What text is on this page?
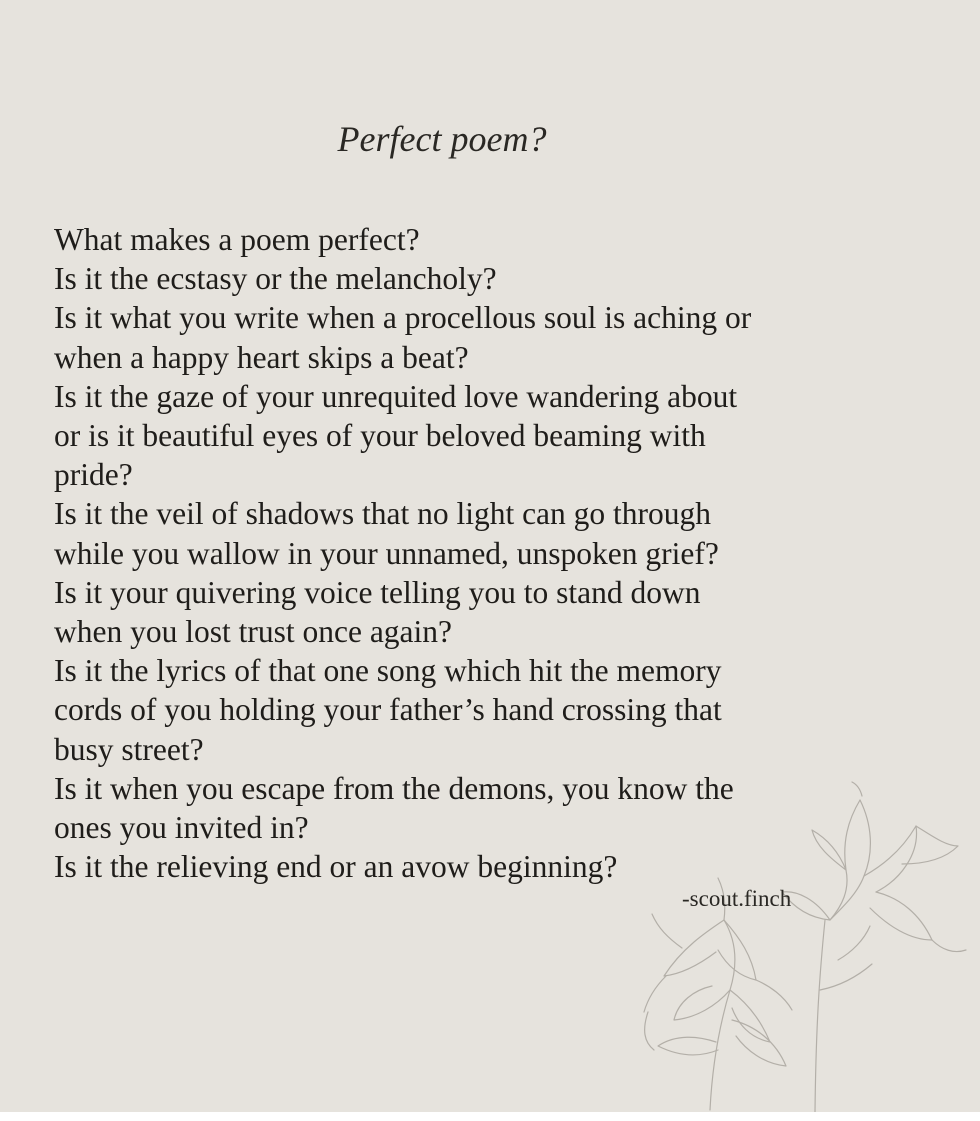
Perfect poem?
What makes a poem perfect?
Is it the ecstasy or the melancholy?
Is it what you write when a procellous soul is aching or
when a happy heart skips a beat?
Is it the gaze of your unrequited love wandering about
or is it beautiful eyes of your beloved beaming with
pride?
Is it the veil of shadows that no light can go through
while you wallow in your unnamed, unspoken grief?
Is it your quivering voice telling you to stand down
when you lost trust once again?
Is it the lyrics of that one song which hit the memory
cords of you holding your father’s hand crossing that
busy street?
Is it when you escape from the demons, you know the
ones you invited in?
Is it the relieving end or an avow beginning?
-scout.finch
